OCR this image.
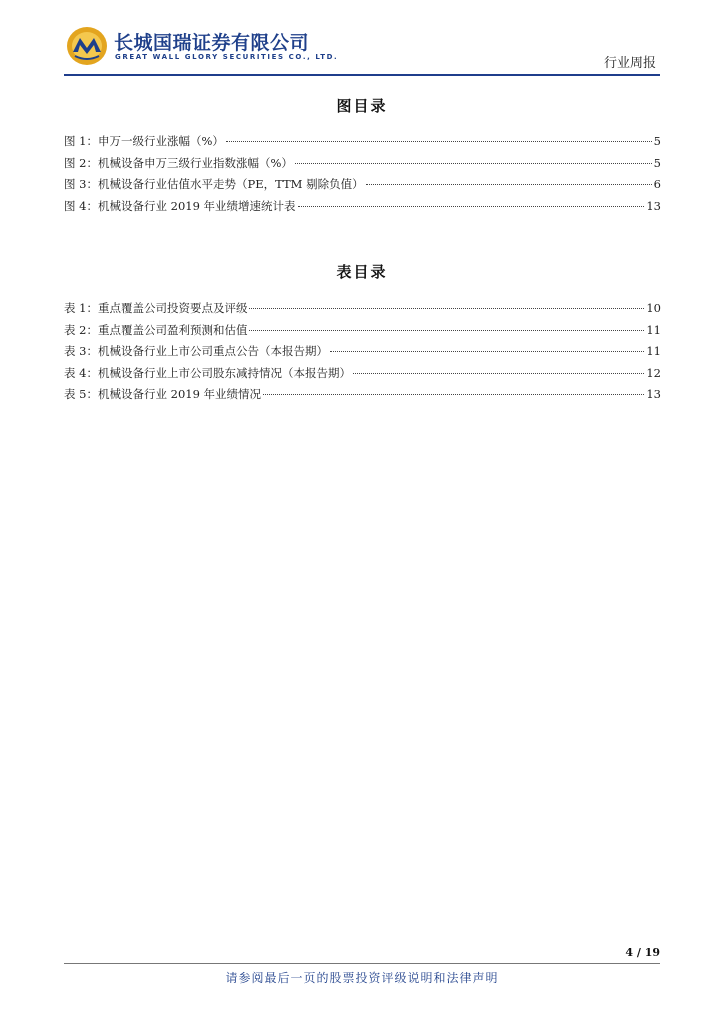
长城国瑞证券有限公司
GREAT WALL GLORY SECURITIES CO., LTD.	行业周报
图目录
图 1：申万一级行业涨幅（%）	5
图 2：机械设备申万三级行业指数涨幅（%）	5
图 3：机械设备行业估值水平走势（PE，TTM 剔除负值）	6
图 4：机械设备行业 2019 年业绩增速统计表	13
表目录
表 1：重点覆盖公司投资要点及评级	10
表 2：重点覆盖公司盈利预测和估值	11
表 3：机械设备行业上市公司重点公告（本报告期）	11
表 4：机械设备行业上市公司股东减持情况（本报告期）	12
表 5：机械设备行业 2019 年业绩情况	13
4 / 19
请参阅最后一页的股票投资评级说明和法律声明
